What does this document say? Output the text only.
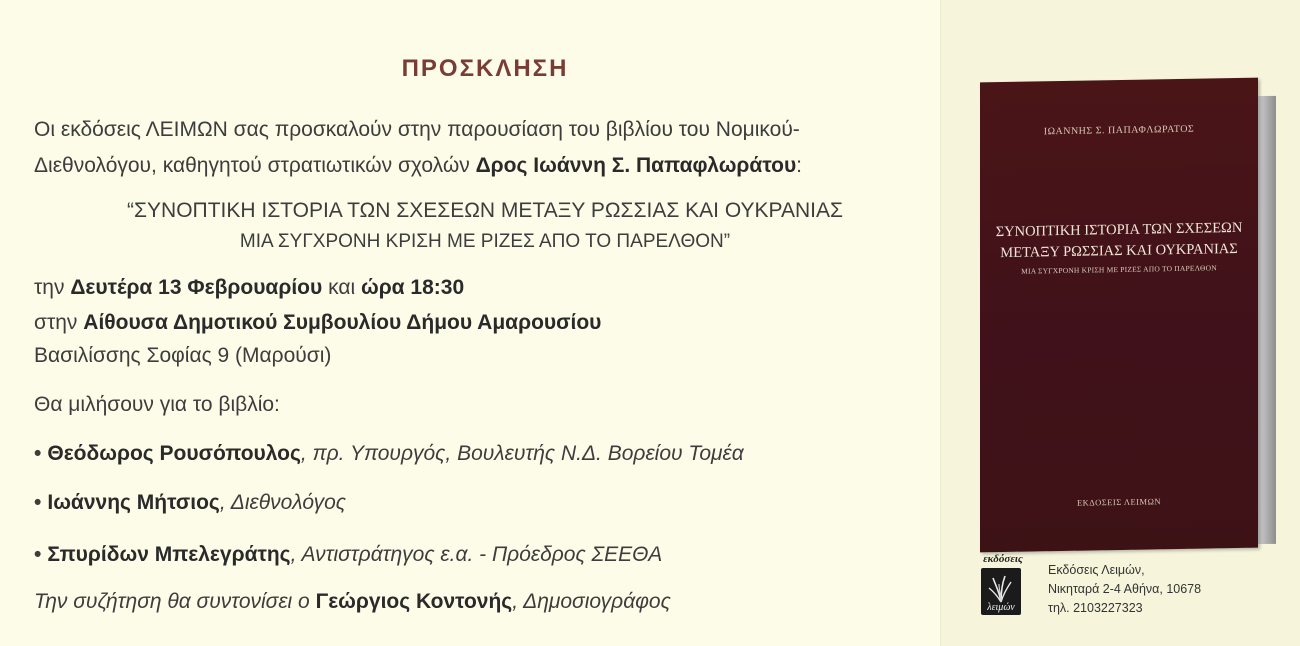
ΠΡΟΣΚΛΗΣΗ
Οι εκδόσεις ΛΕΙΜΩΝ σας προσκαλούν στην παρουσίαση του βιβλίου του Νομικού-
Διεθνολόγου, καθηγητού στρατιωτικών σχολών Δρος Ιωάννη Σ. Παπαφλωράτου:
“ΣΥΝΟΠΤΙΚΗ ΙΣΤΟΡΙΑ ΤΩΝ ΣΧΕΣΕΩΝ ΜΕΤΑΞΥ ΡΩΣΣΙΑΣ ΚΑΙ ΟΥΚΡΑΝΙΑΣ
ΜΙΑ ΣΥΓΧΡΟΝΗ ΚΡΙΣΗ ΜΕ ΡΙΖΕΣ ΑΠΟ ΤΟ ΠΑΡΕΛΘΟΝ”
την Δευτέρα 13 Φεβρουαρίου και ώρα 18:30
στην Αίθουσα Δημοτικού Συμβουλίου Δήμου Αμαρουσίου
Βασιλίσσης Σοφίας 9 (Μαρούσι)
Θα μιλήσουν για το βιβλίο:
• Θεόδωρος Ρουσόπουλος, πρ. Υπουργός, Βουλευτής Ν.Δ. Βορείου Τομέα
• Ιωάννης Μήτσιος, Διεθνολόγος
• Σπυρίδων Μπελεγράτης, Αντιστράτηγος ε.α. - Πρόεδρος ΣΕΕΘΑ
Την συζήτηση θα συντονίσει ο Γεώργιος Κοντονής, Δημοσιογράφος
ΙΩΑΝΝΗΣ Σ. ΠΑΠΑΦΛΩΡΑΤΟΣ
ΣΥΝΟΠΤΙΚΗ ΙΣΤΟΡΙΑ ΤΩΝ ΣΧΕΣΕΩΝ
ΜΕΤΑΞΥ ΡΩΣΣΙΑΣ ΚΑΙ ΟΥΚΡΑΝΙΑΣ
ΜΙΑ ΣΥΓΧΡΟΝΗ ΚΡΙΣΗ ΜΕ ΡΙΖΕΣ ΑΠΟ ΤΟ ΠΑΡΕΛΘΟΝ
ΕΚΔΟΣΕΙΣ ΛΕΙΜΩΝ
εκδόσεις
λειμών
Εκδόσεις Λειμών,
Νικηταρά 2-4 Αθήνα, 10678
τηλ. 2103227323
